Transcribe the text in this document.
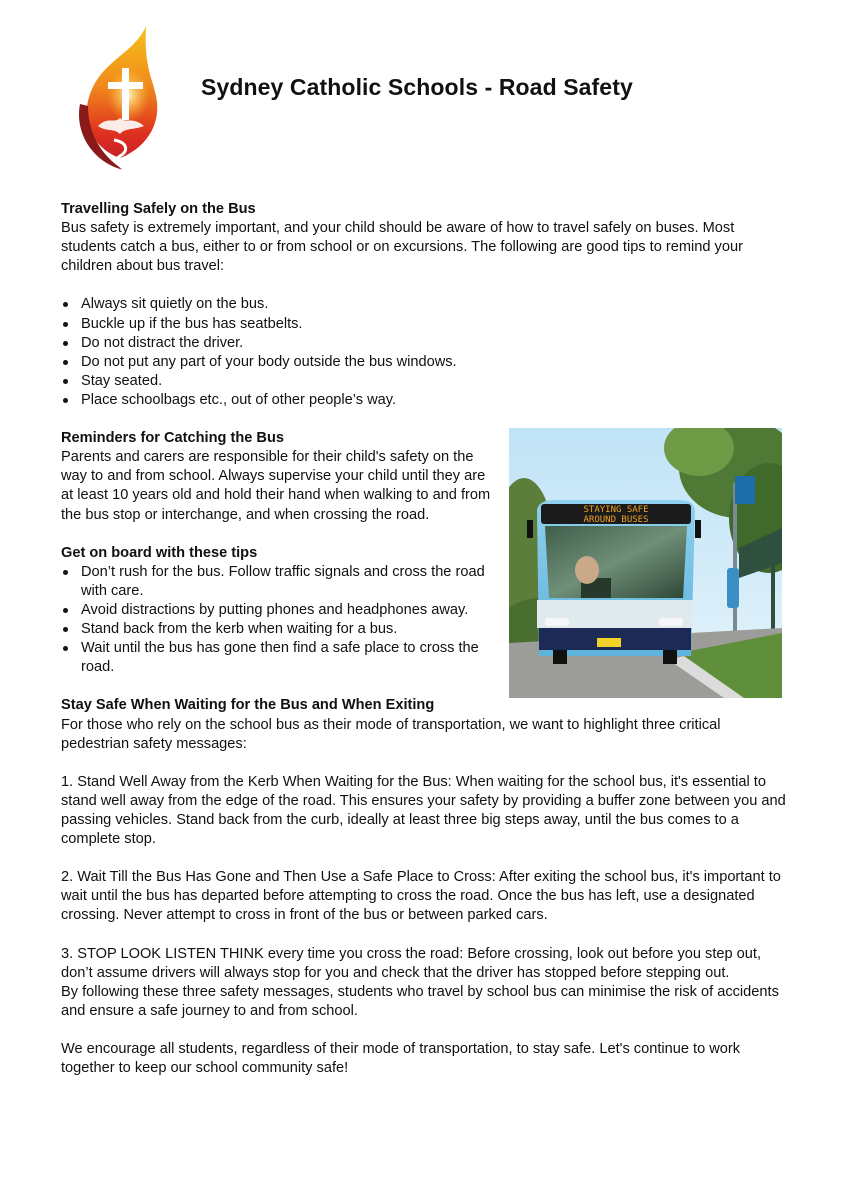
Sydney Catholic Schools - Road Safety
Travelling Safely on the Bus

Bus safety is extremely important, and your child should be aware of how to travel safely on buses. Most students catch a bus, either to or from school or on excursions. The following are good tips to remind your children about bus travel:

Always sit quietly on the bus.
Buckle up if the bus has seatbelts.
Do not distract the driver.
Do not put any part of your body outside the bus windows.
Stay seated.
Place schoolbags etc., out of other people’s way.
Reminders for Catching the Bus

Parents and carers are responsible for their child's safety on the way to and from school. Always supervise your child until they are at least 10 years old and hold their hand when walking to and from the bus stop or interchange, and when crossing the road.

Get on board with these tips
Don’t rush for the bus. Follow traffic signals and cross the road with care.
Avoid distractions by putting phones and headphones away.
Stand back from the kerb when waiting for a bus.
Wait until the bus has gone then find a safe place to cross the road.
Stay Safe When Waiting for the Bus and When Exiting

For those who rely on the school bus as their mode of transportation, we want to highlight three critical pedestrian safety messages:

1. Stand Well Away from the Kerb When Waiting for the Bus: When waiting for the school bus, it's essential to stand well away from the edge of the road. This ensures your safety by providing a buffer zone between you and passing vehicles. Stand back from the curb, ideally at least three big steps away, until the bus comes to a complete stop.

2. Wait Till the Bus Has Gone and Then Use a Safe Place to Cross: After exiting the school bus, it's important to wait until the bus has departed before attempting to cross the road. Once the bus has left, use a designated crossing. Never attempt to cross in front of the bus or between parked cars.

3. STOP LOOK LISTEN THINK every time you cross the road: Before crossing, look out before you step out, don’t assume drivers will always stop for you and check that the driver has stopped before stepping out.

By following these three safety messages, students who travel by school bus can minimise the risk of accidents and ensure a safe journey to and from school.

We encourage all students, regardless of their mode of transportation, to stay safe. Let's continue to work together to keep our school community safe!

STAYING SAFE
AROUND BUSES
